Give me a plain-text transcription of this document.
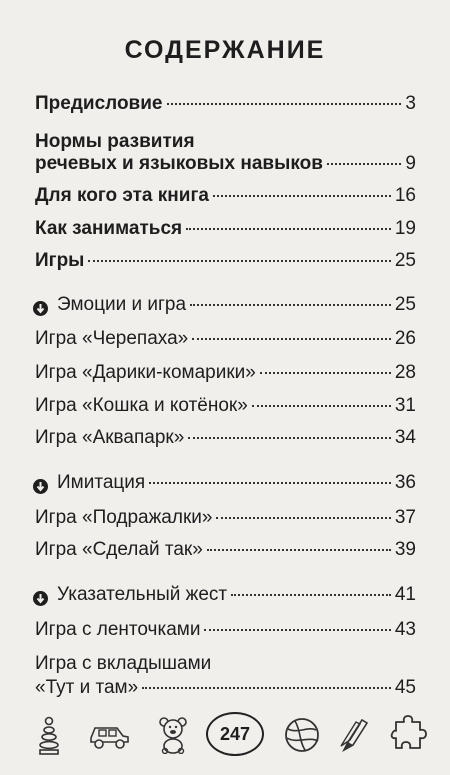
СОДЕРЖАНИЕ
Предисловие	3
Нормы развития
речевых и языковых навыков	9
Для кого эта книга	16
Как заниматься	19
Игры	25
Эмоции и игра	25
Игра «Черепаха»	26
Игра «Дарики-комарики»	28
Игра «Кошка и котёнок»	31
Игра «Аквапарк»	34
Имитация	36
Игра «Подражалки»	37
Игра «Сделай так»	39
Указательный жест	41
Игра с ленточками	43
Игра с вкладышами
«Тут и там»	45
247
